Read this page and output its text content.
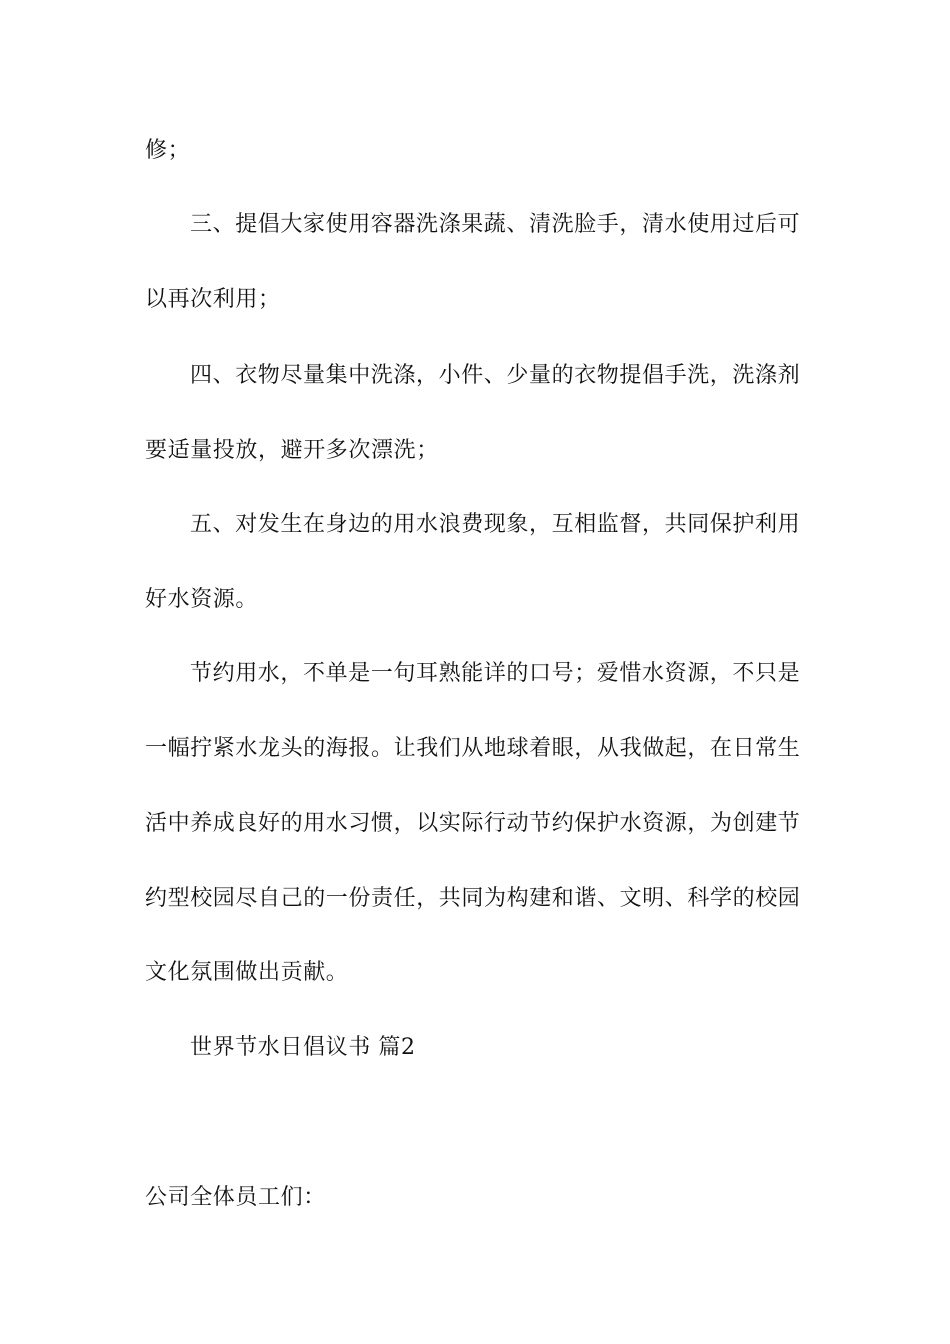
修；
三、提倡大家使用容器洗涤果蔬、清洗脸手，清水使用过后可
以再次利用；
四、衣物尽量集中洗涤，小件、少量的衣物提倡手洗，洗涤剂
要适量投放，避开多次漂洗；
五、对发生在身边的用水浪费现象，互相监督，共同保护利用
好水资源。
节约用水，不单是一句耳熟能详的口号；爱惜水资源，不只是
一幅拧紧水龙头的海报。让我们从地球着眼，从我做起，在日常生
活中养成良好的用水习惯，以实际行动节约保护水资源，为创建节
约型校园尽自己的一份责任，共同为构建和谐、文明、科学的校园
文化氛围做出贡献。
世界节水日倡议书 篇2
公司全体员工们：
